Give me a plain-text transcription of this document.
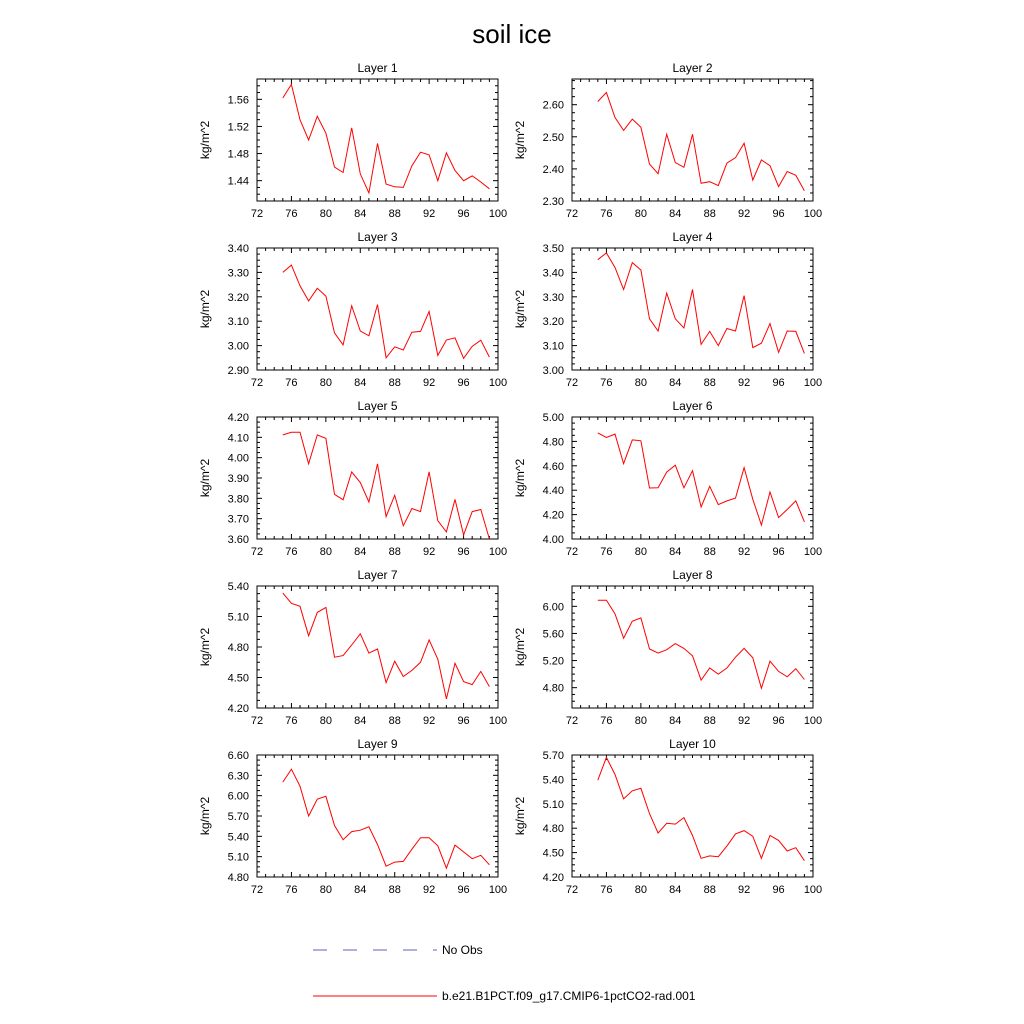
soil ice
Layer 1
kg/m^2
72 76 80 84 88 92 96 100
1.44
1.48
1.52
1.56
Layer 2
kg/m^2
72 76 80 84 88 92 96 100
2.30
2.40
2.50
2.60
Layer 3
kg/m^2
72 76 80 84 88 92 96 100
2.90
3.00
3.10
3.20
3.30
3.40
Layer 4
kg/m^2
72 76 80 84 88 92 96 100
3.00
3.10
3.20
3.30
3.40
3.50
Layer 5
kg/m^2
72 76 80 84 88 92 96 100
3.60
3.70
3.80
3.90
4.00
4.10
4.20
Layer 6
kg/m^2
72 76 80 84 88 92 96 100
4.00
4.20
4.40
4.60
4.80
5.00
Layer 7
kg/m^2
72 76 80 84 88 92 96 100
4.20
4.50
4.80
5.10
5.40
Layer 8
kg/m^2
72 76 80 84 88 92 96 100
4.80
5.20
5.60
6.00
Layer 9
kg/m^2
72 76 80 84 88 92 96 100
4.80
5.10
5.40
5.70
6.00
6.30
6.60
Layer 10
kg/m^2
72 76 80 84 88 92 96 100
4.20
4.50
4.80
5.10
5.40
5.70
No Obs
b.e21.B1PCT.f09_g17.CMIP6-1pctCO2-rad.001
